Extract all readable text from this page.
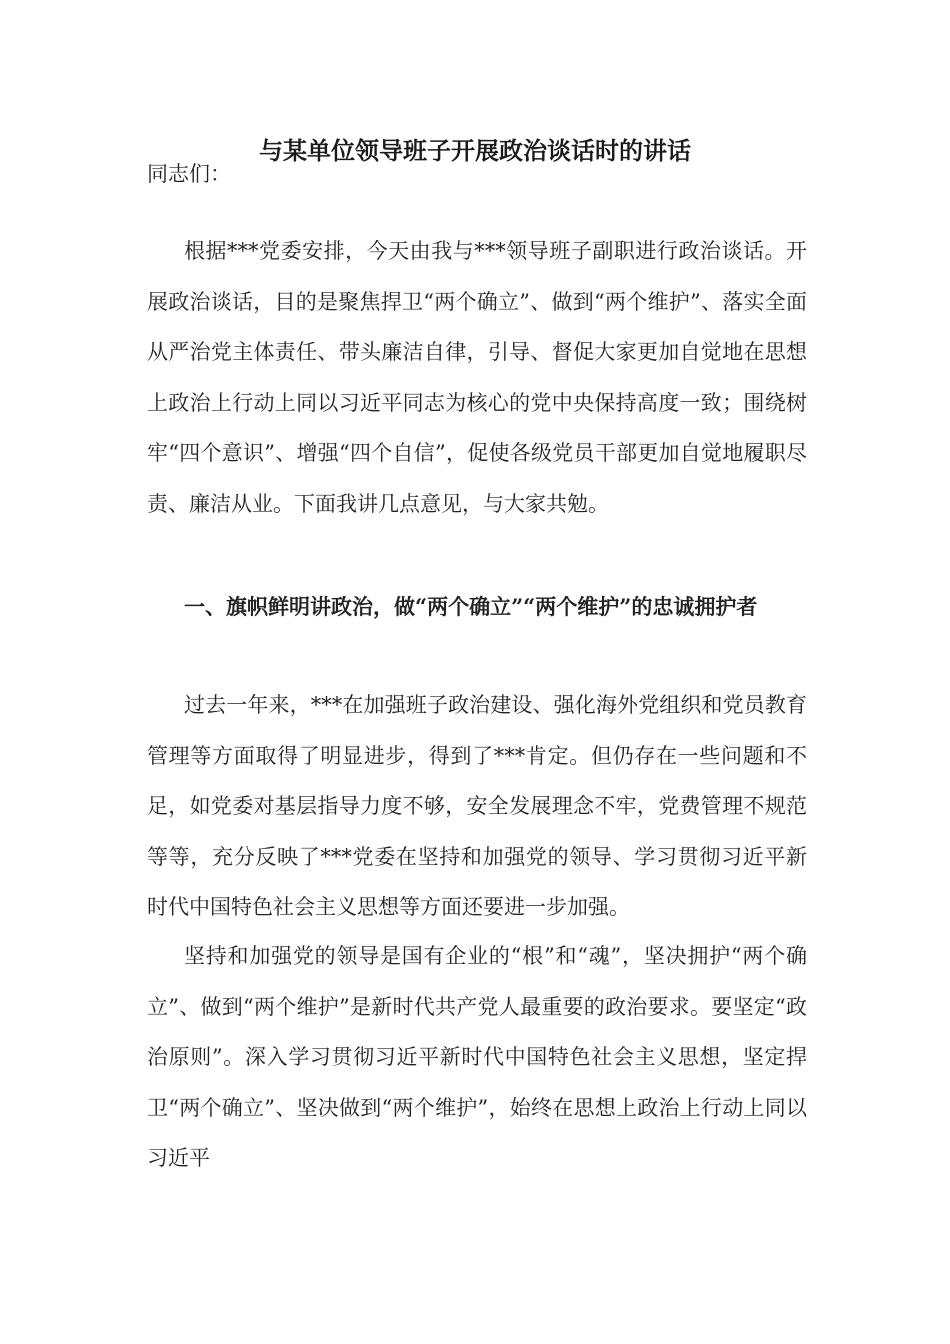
与某单位领导班子开展政治谈话时的讲话
同志们：

根据***党委安排，今天由我与***领导班子副职进行政治谈话。开展政治谈话，目的是聚焦捍卫“两个确立”、做到“两个维护”、落实全面从严治党主体责任、带头廉洁自律，引导、督促大家更加自觉地在思想上政治上行动上同以习近平同志为核心的党中央保持高度一致；围绕树牢“四个意识”、增强“四个自信”，促使各级党员干部更加自觉地履职尽责、廉洁从业。下面我讲几点意见，与大家共勉。

一、旗帜鲜明讲政治，做“两个确立”“两个维护”的忠诚拥护者

过去一年来，***在加强班子政治建设、强化海外党组织和党员教育管理等方面取得了明显进步，得到了***肯定。但仍存在一些问题和不足，如党委对基层指导力度不够，安全发展理念不牢，党费管理不规范等等，充分反映了***党委在坚持和加强党的领导、学习贯彻习近平新时代中国特色社会主义思想等方面还要进一步加强。

坚持和加强党的领导是国有企业的“根”和“魂”，坚决拥护“两个确立”、做到“两个维护”是新时代共产党人最重要的政治要求。要坚定“政治原则”。深入学习贯彻习近平新时代中国特色社会主义思想，坚定捍卫“两个确立”、坚决做到“两个维护”，始终在思想上政治上行动上同以习近平
